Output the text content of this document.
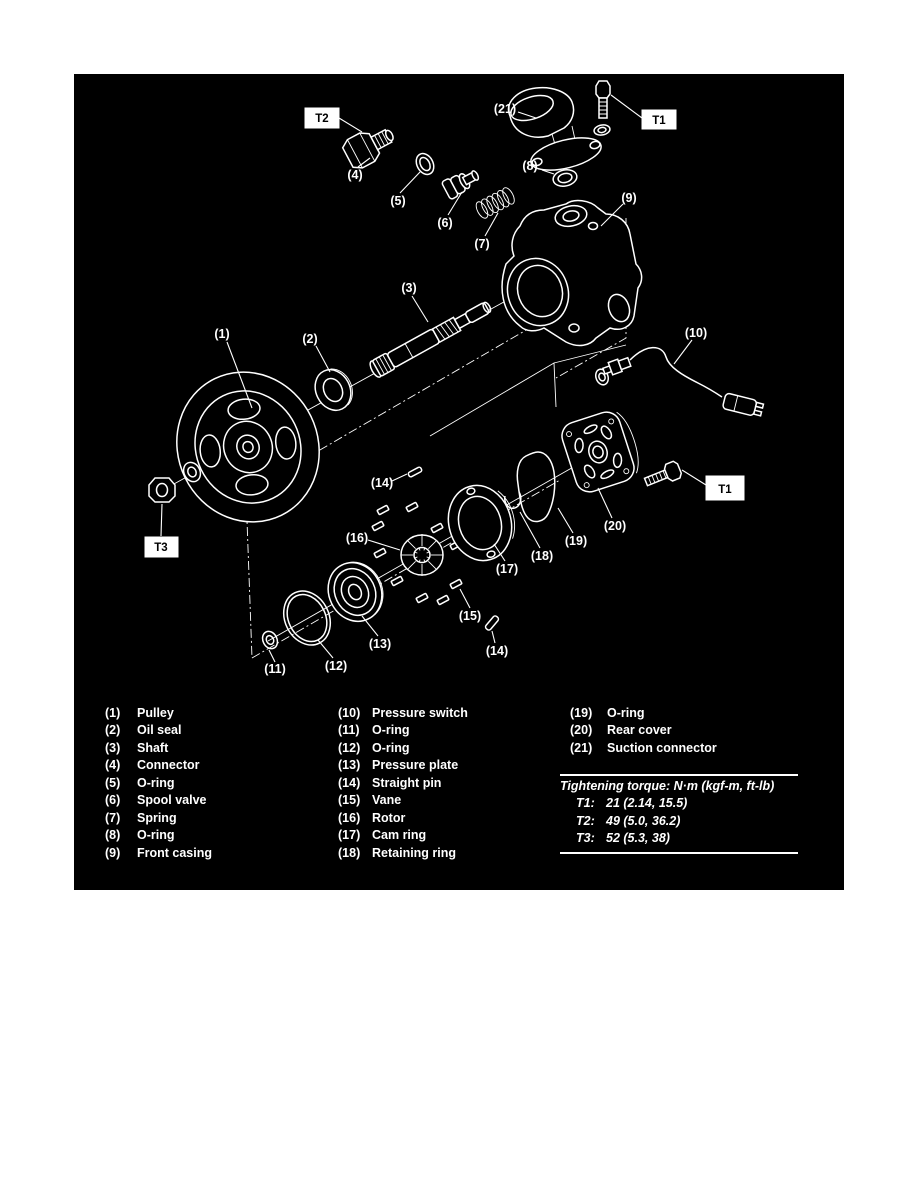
(1)	(2)
(3)
(4)
(5)
(6)
(7)
(8)
(9)
(10)
(11)	(12)
(13)
(14)
(14)
(15)
(16)
(17)
(18)
(19)
(20)
(21)
T2	T1
T1
T3
(1) Pulley
(2) Oil seal
(3) Shaft
(4) Connector
(5) O-ring
(6) Spool valve
(7) Spring
(8) O-ring
(9) Front casing
(10) Pressure switch
(11) O-ring
(12) O-ring
(13) Pressure plate
(14) Straight pin
(15) Vane
(16) Rotor
(17) Cam ring
(18) Retaining ring
(19) O-ring
(20) Rear cover
(21) Suction connector
Tightening torque: N·m (kgf-m, ft-lb)
T1: 21 (2.14, 15.5)
T2: 49 (5.0, 36.2)
T3: 52 (5.3, 38)
